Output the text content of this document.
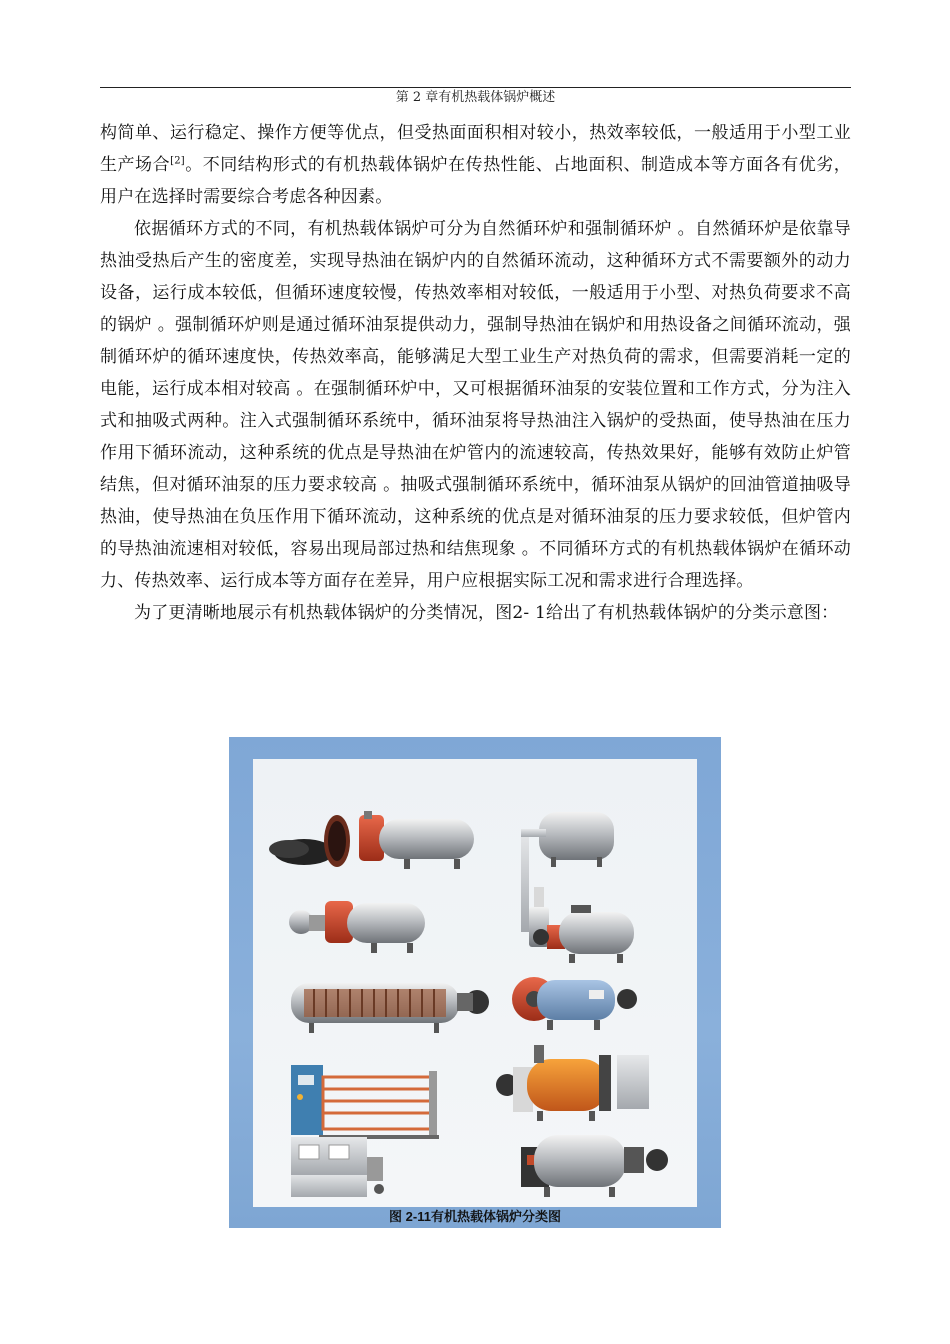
第 2 章有机热载体锅炉概述

构简单、运行稳定、操作方便等优点，但受热面面积相对较小，热效率较低，一般适用于小型工业生产场合[2]。不同结构形式的有机热载体锅炉在传热性能、占地面积、制造成本等方面各有优劣，用户在选择时需要综合考虑各种因素。

依据循环方式的不同，有机热载体锅炉可分为自然循环炉和强制循环炉 。自然循环炉是依靠导热油受热后产生的密度差，实现导热油在锅炉内的自然循环流动，这种循环方式不需要额外的动力设备，运行成本较低，但循环速度较慢，传热效率相对较低，一般适用于小型、对热负荷要求不高的锅炉 。强制循环炉则是通过循环油泵提供动力，强制导热油在锅炉和用热设备之间循环流动，强制循环炉的循环速度快，传热效率高，能够满足大型工业生产对热负荷的需求，但需要消耗一定的电能，运行成本相对较高 。在强制循环炉中，又可根据循环油泵的安装位置和工作方式，分为注入式和抽吸式两种。注入式强制循环系统中，循环油泵将导热油注入锅炉的受热面，使导热油在压力作用下循环流动，这种系统的优点是导热油在炉管内的流速较高，传热效果好，能够有效防止炉管结焦，但对循环油泵的压力要求较高 。抽吸式强制循环系统中，循环油泵从锅炉的回油管道抽吸导热油，使导热油在负压作用下循环流动，这种系统的优点是对循环油泵的压力要求较低，但炉管内的导热油流速相对较低，容易出现局部过热和结焦现象 。不同循环方式的有机热载体锅炉在循环动力、传热效率、运行成本等方面存在差异，用户应根据实际工况和需求进行合理选择。

为了更清晰地展示有机热载体锅炉的分类情况，图2- 1给出了有机热载体锅炉的分类示意图：

图 2-11有机热载体锅炉分类图
